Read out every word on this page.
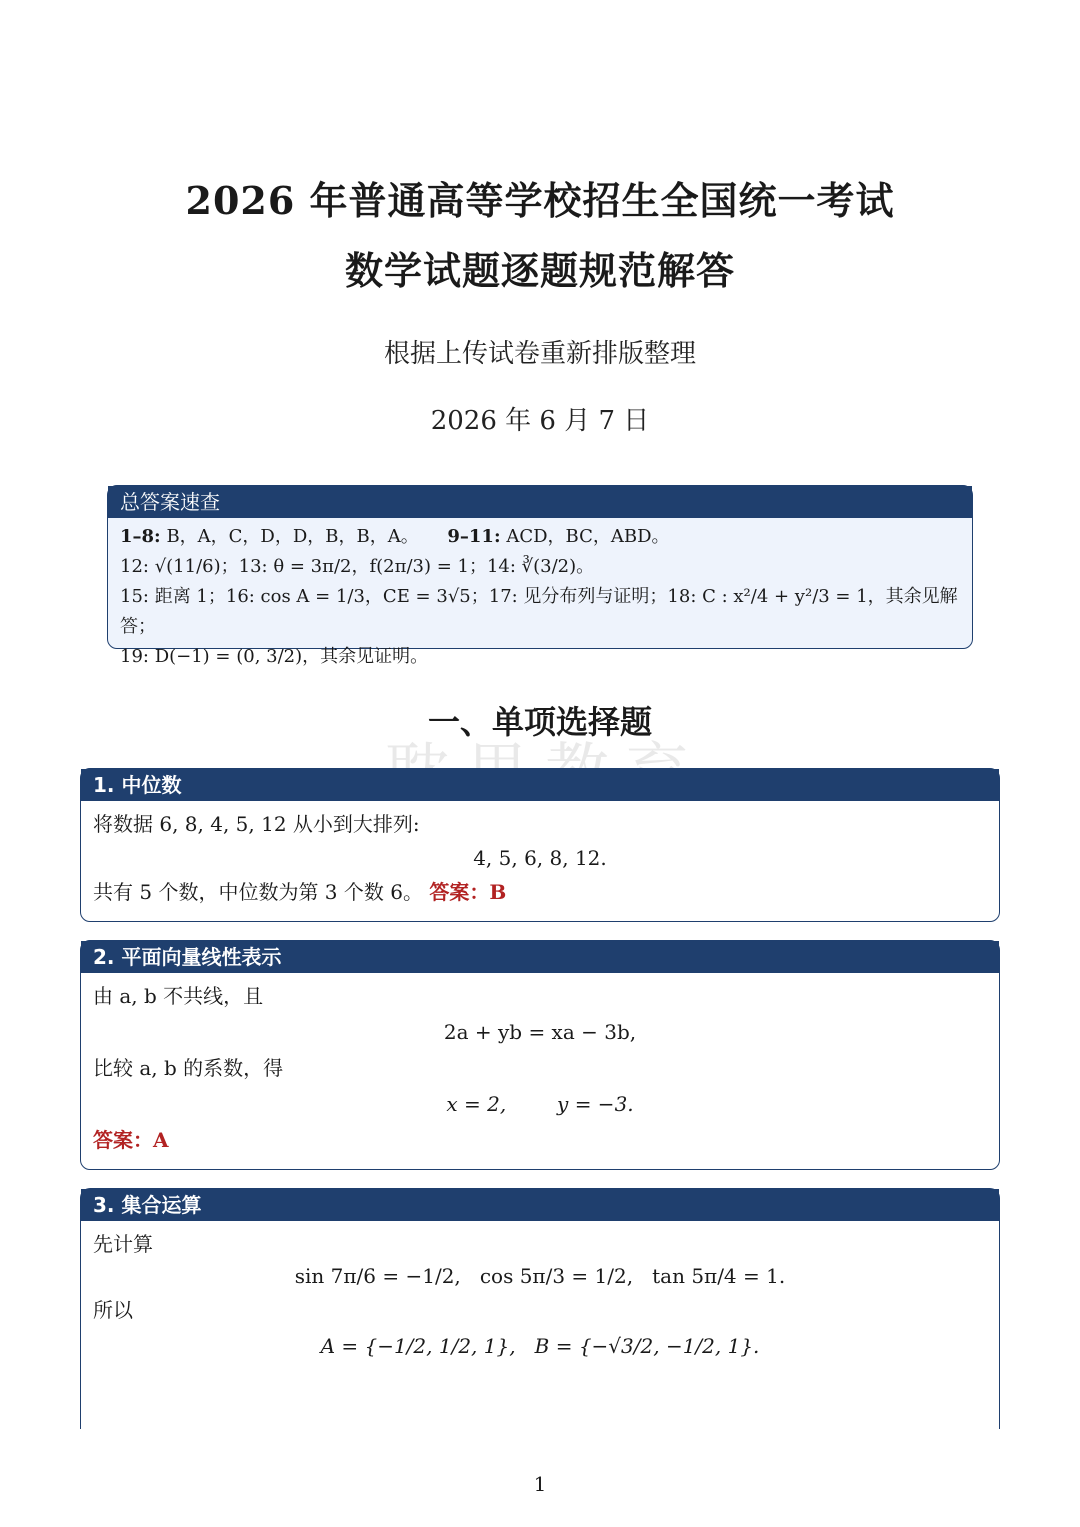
2026 年普通高等学校招生全国统一考试
数学试题逐题规范解答
根据上传试卷重新排版整理
2026 年 6 月 7 日
总答案速查
1–8: B，A，C，D，D，B，B，A。 9–11: ACD，BC，ABD。
12: √(11/6)；13: θ = 3π/2，f(2π/3) = 1；14: ∛(3/2)。
15: 距离 1；16: cos A = 1/3，CE = 3√5；17: 见分布列与证明；18: C : x²/4 + y²/3 = 1，其余见解答；
19: D(−1) = (0, 3/2)，其余见证明。
一、单项选择题
1. 中位数
将数据 6, 8, 4, 5, 12 从小到大排列:
4, 5, 6, 8, 12.
共有 5 个数，中位数为第 3 个数 6。 答案：B
2. 平面向量线性表示
由 a, b 不共线，且
2a + yb = xa − 3b,
比较 a, b 的系数，得
x = 2,        y = −3.
答案：A
3. 集合运算
先计算
sin 7π/6 = −1/2,   cos 5π/3 = 1/2,   tan 5π/4 = 1.
所以
A = {−1/2, 1/2, 1},   B = {−√3/2, −1/2, 1}.
1
